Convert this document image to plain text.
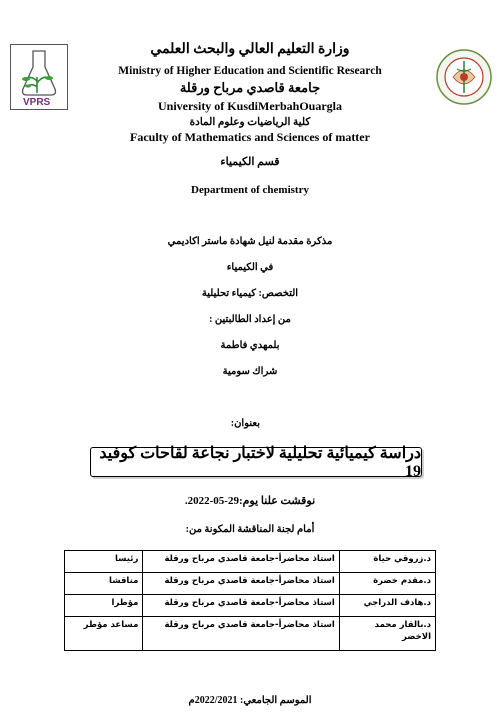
VPRS
وزارة التعليم العالي والبحث العلمي
Ministry of Higher Education and Scientific Research
جامعة قاصدي مرباح ورقلة
University of KusdiMerbahOuargla
كلية الرياضيات وعلوم المادة
Faculty of Mathematics and Sciences of matter
قسم الكيمياء
Department of chemistry
مذكرة مقدمة لنيل شهادة ماستر اكاديمي
في الكيمياء
التخصص: كيمياء تحليلية
من إعداد الطالبتين :
بلمهدي فاطمة
شراك سومية
بعنوان:
دراسة كيميائية تحليلية لاختبار نجاعة لقاحات كوفيد 19
نوقشت علنا يوم:29-05-2022.
أمام لجنة المناقشة المكونة من:
د.زروقي حياة	استاذ محاضرأ-جامعة قاصدي مرباح ورقلة	رئيسا
د.مقدم خضرة	استاذ محاضرأ-جامعة قاصدي مرباح ورقلة	مناقشا
د.هادف الدراجي	استاذ محاضرأ-جامعة قاصدي مرباح ورقلة	مؤطرا
د.بالقار محمد الاخضر	استاذ محاضرأ-جامعة قاصدي مرباح ورقلة	مساعد مؤطر
الموسم الجامعي: 2022/2021م
